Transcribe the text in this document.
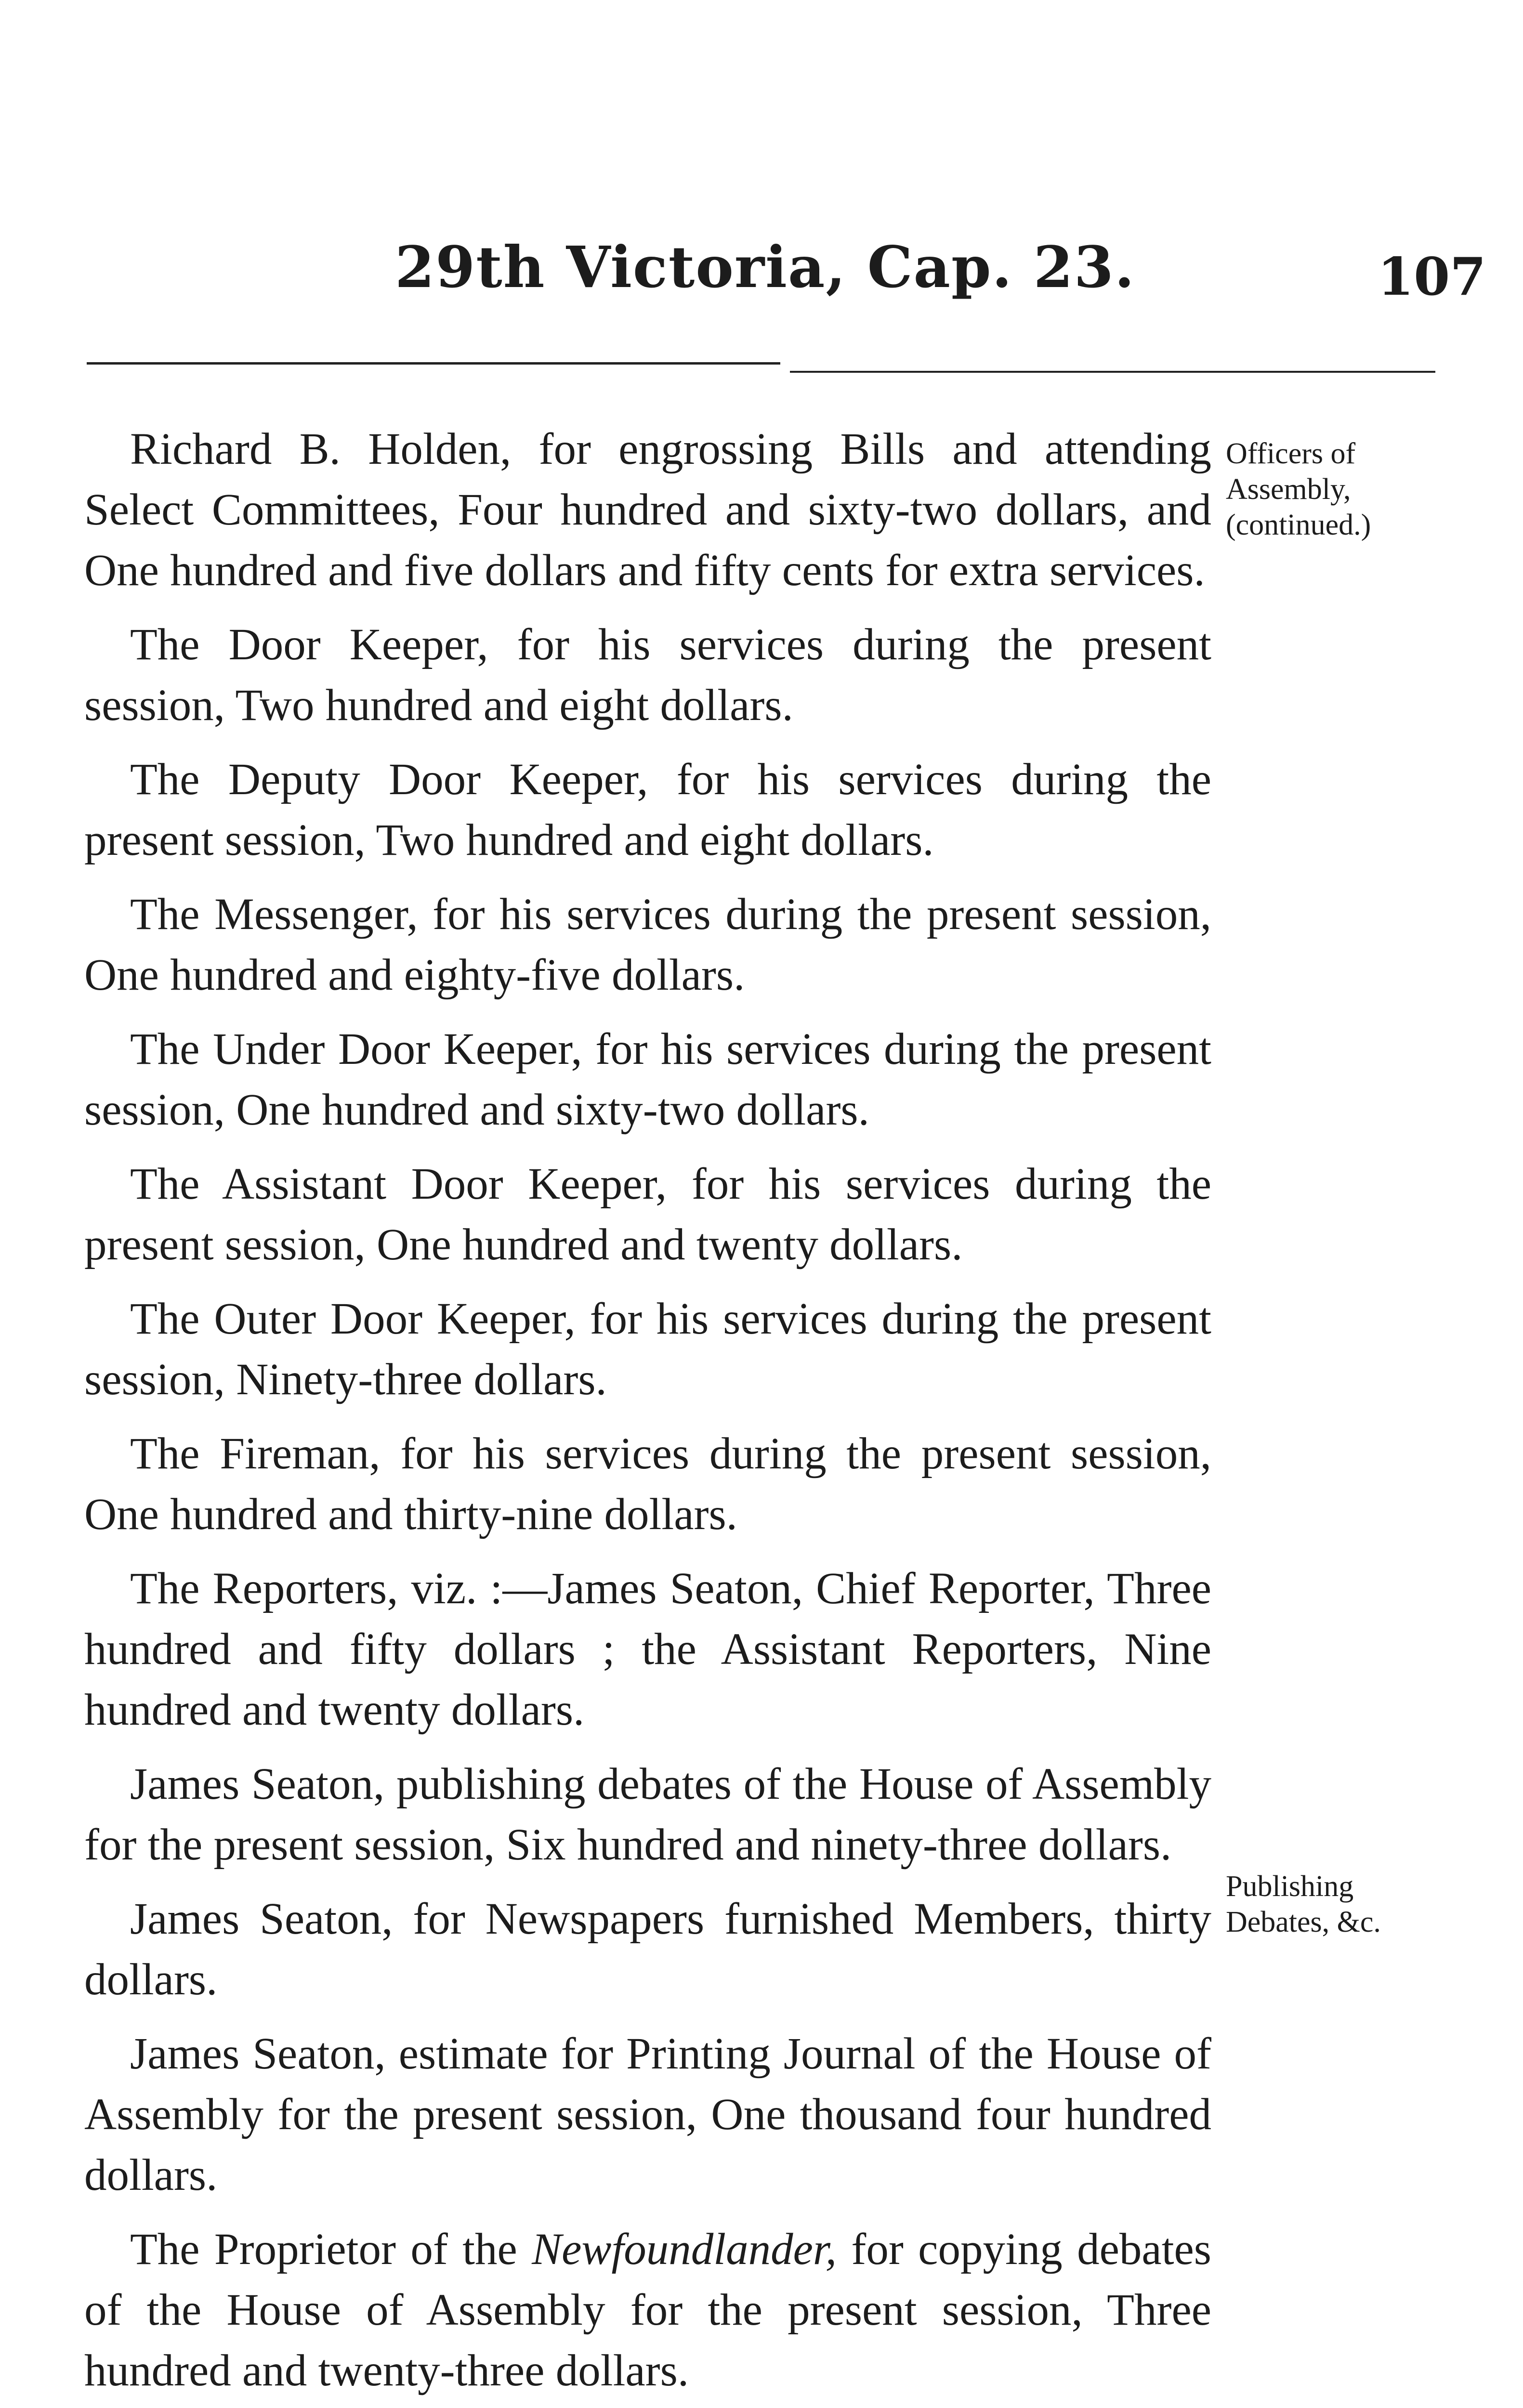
29th Victoria, Cap. 23.	107
Officers of Assembly, (continued.)
Publishing Debates, &c.

Richard B. Holden, for engrossing Bills and attending Select Committees, Four hundred and sixty-two dollars, and One hundred and five dollars and fifty cents for extra services.

The Door Keeper, for his services during the present session, Two hundred and eight dollars.

The Deputy Door Keeper, for his services during the present session, Two hundred and eight dollars.

The Messenger, for his services during the present session, One hundred and eighty-five dollars.

The Under Door Keeper, for his services during the present session, One hundred and sixty-two dollars.

The Assistant Door Keeper, for his services during the present session, One hundred and twenty dollars.

The Outer Door Keeper, for his services during the present session, Ninety-three dollars.

The Fireman, for his services during the present session, One hundred and thirty-nine dollars.

The Reporters, viz. :—James Seaton, Chief Reporter, Three hundred and fifty dollars ; the Assistant Reporters, Nine hundred and twenty dollars.

James Seaton, publishing debates of the House of Assembly for the present session, Six hundred and ninety-three dollars.

James Seaton, for Newspapers furnished Members, thirty dollars.

James Seaton, estimate for Printing Journal of the House of Assembly for the present session, One thousand four hundred dollars.

The Proprietor of the Newfoundlander, for copying debates of the House of Assembly for the present session, Three hundred and twenty-three dollars.
